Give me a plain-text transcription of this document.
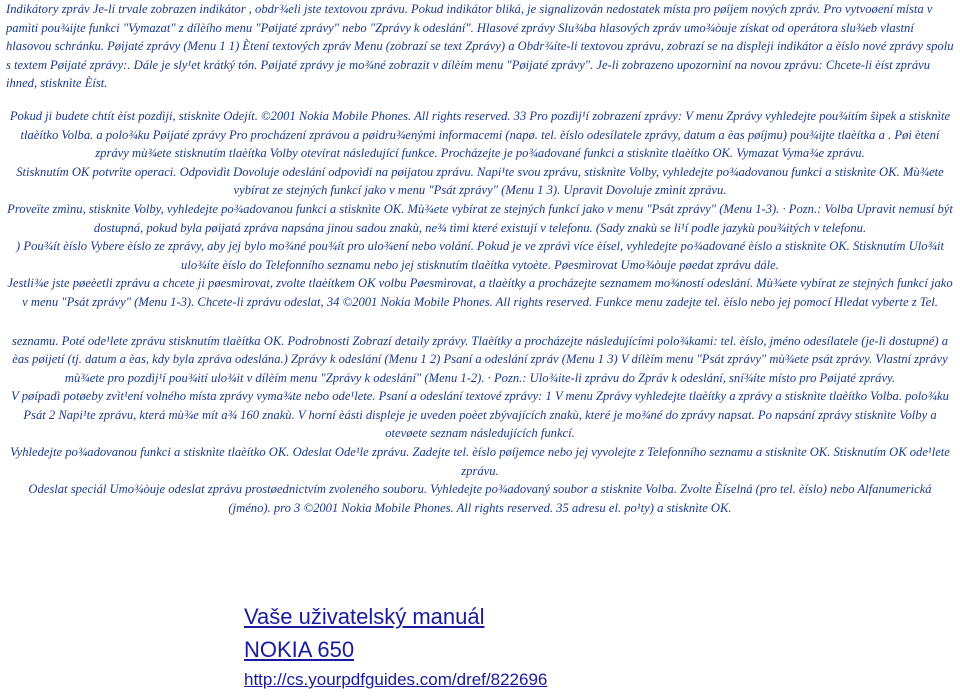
Indikátory zpráv Je-li trvale zobrazen indikátor , obdr¾eli jste textovou zprávu. Pokud indikátor bliká, je signalizován nedostatek místa pro pøíjem nových zpráv. Pro vytvoøení místa v pamìti pou¾ijte funkci "Vymazat" z dílèího menu "Pøijaté zprávy" nebo "Zprávy k odeslání". Hlasové zprávy Slu¾ba hlasových zpráv umo¾òuje získat od operátora slu¾eb vlastní hlasovou schránku. Pøijaté zprávy (Menu 1 1) Ètení textových zpráv Menu (zobrazí se text Zprávy) a Obdr¾íte-li textovou zprávu, zobrazí se na displeji indikátor a èíslo nové zprávy spolu s textem Pøijaté zprávy:. Dále je sly¹et krátký tón. Pøijaté zprávy je mo¾né zobrazit v dílèím menu "Pøijaté zprávy". Je-li zobrazeno upozornìní na novou zprávu: Chcete-li èíst zprávu ihned, stisknìte Èíst.

Pokud ji budete chtít èíst pozdìji, stisknìte Odejít. ©2001 Nokia Mobile Phones. All rights reserved. 33 Pro pozdìj¹í zobrazení zprávy: V menu Zprávy vyhledejte pou¾itím šipek a stisknìte tlaèítko Volba. a polo¾ku Pøijaté zprávy Pro procházení zprávou a pøidru¾enými informacemi (napø. tel. èíslo odesílatele zprávy, datum a èas pøíjmu) pou¾ijte tlaèítka a . Pøi ètení zprávy mù¾ete stisknutím tlaèítka Volby otevírat následující funkce. Procházejte je po¾adované funkci a stisknìte tlaèítko OK. Vymazat Vyma¾e zprávu.

Stisknutím OK potvrïte operaci. Odpovìdìt Dovoluje odeslání odpovìdi na pøijatou zprávu. Napi¹te svou zprávu, stisknìte Volby, vyhledejte po¾adovanou funkci a stisknìte OK. Mù¾ete vybírat ze stejných funkcí jako v menu "Psát zprávy" (Menu 1 3). Upravit Dovoluje zmìnit zprávu.

Proveïte zmìnu, stisknìte Volby, vyhledejte po¾adovanou funkci a stisknìte OK. Mù¾ete vybírat ze stejných funkcí jako v menu "Psát zprávy" (Menu 1-3). · Pozn.: Volba Upravit nemusí být dostupná, pokud byla pøijatá zpráva napsána jinou sadou znakù, ne¾ tìmi které existují v telefonu. (Sady znakù se li¹í podle jazykù pou¾itých v telefonu.

) Pou¾ít èíslo Vybere èíslo ze zprávy, aby jej bylo mo¾né pou¾ít pro ulo¾ení nebo volání. Pokud je ve zprávì více èísel, vyhledejte po¾adované èíslo a stisknìte OK. Stisknutím Ulo¾it ulo¾íte èíslo do Telefonního seznamu nebo jej stisknutím tlaèítka vytoète. Pøesmìrovat Umo¾òuje pøedat zprávu dále.

Jestli¾e jste pøeèetli zprávu a chcete ji pøesmìrovat, zvolte tlaèítkem OK volbu Pøesmìrovat, a tlaèítky a procházejte seznamem mo¾ností odeslání. Mù¾ete vybírat ze stejných funkcí jako v menu "Psát zprávy" (Menu 1-3). Chcete-li zprávu odeslat, 34 ©2001 Nokia Mobile Phones. All rights reserved. Funkce menu zadejte tel. èíslo nebo jej pomocí Hledat vyberte z Tel.

seznamu. Poté ode¹lete zprávu stisknutím tlaèítka OK. Podrobnosti Zobrazí detaily zprávy. Tlaèítky a procházejte následujícími polo¾kami: tel. èíslo, jméno odesílatele (je-li dostupné) a èas pøijetí (tj. datum a èas, kdy byla zpráva odeslána.) Zprávy k odeslání (Menu 1 2) Psaní a odeslání zpráv (Menu 1 3) V dílèím menu "Psát zprávy" mù¾ete psát zprávy. Vlastní zprávy mù¾ete pro pozdìj¹í pou¾ití ulo¾it v dílèím menu "Zprávy k odeslání" (Menu 1-2). · Pozn.: Ulo¾ite-li zprávu do Zpráv k odeslání, sní¾íte místo pro Pøijaté zprávy.

V pøípadì potøeby zvìt¹ení volného místa zprávy vyma¾te nebo ode¹lete. Psaní a odeslání textové zprávy: 1 V menu Zprávy vyhledejte tlaèítky a zprávy a stisknìte tlaèítko Volba. polo¾ku Psát 2 Napi¹te zprávu, která mù¾e mít a¾ 160 znakù. V horní èásti displeje je uveden poèet zbývajících znakù, které je mo¾né do zprávy napsat. Po napsání zprávy stisknìte Volby a otevøete seznam následujících funkcí.

Vyhledejte po¾adovanou funkci a stisknìte tlaèítko OK. Odeslat Ode¹le zprávu. Zadejte tel. èíslo pøíjemce nebo jej vyvolejte z Telefonního seznamu a stisknìte OK. Stisknutím OK ode¹lete zprávu.

Odeslat speciál Umo¾òuje odeslat zprávu prostøednictvím zvoleného souboru. Vyhledejte po¾adovaný soubor a stisknìte Volba. Zvolte Èíselná (pro tel. èíslo) nebo Alfanumerická (jméno). pro 3 ©2001 Nokia Mobile Phones. All rights reserved. 35 adresu el. po¹ty) a stisknìte OK.

Vaše uživatelský manuál
NOKIA 650
http://cs.yourpdfguides.com/dref/822696
